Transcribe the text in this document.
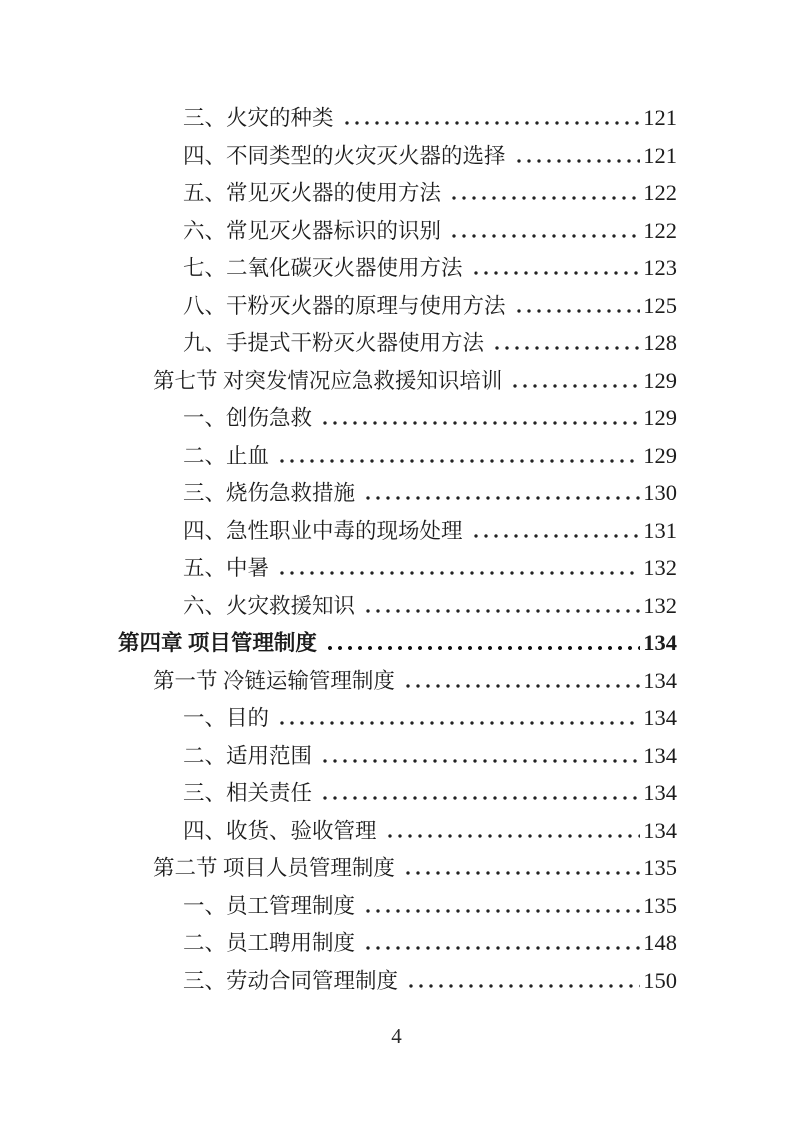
三、火灾的种类	121
四、不同类型的火灾灭火器的选择	121
五、常见灭火器的使用方法	122
六、常见灭火器标识的识别	122
七、二氧化碳灭火器使用方法	123
八、干粉灭火器的原理与使用方法	125
九、手提式干粉灭火器使用方法	128
第七节 对突发情况应急救援知识培训	129
一、创伤急救	129
二、止血	129
三、烧伤急救措施	130
四、急性职业中毒的现场处理	131
五、中暑	132
六、火灾救援知识	132
第四章 项目管理制度	134
第一节 冷链运输管理制度	134
一、目的	134
二、适用范围	134
三、相关责任	134
四、收货、验收管理	134
第二节 项目人员管理制度	135
一、员工管理制度	135
二、员工聘用制度	148
三、劳动合同管理制度	150
4
